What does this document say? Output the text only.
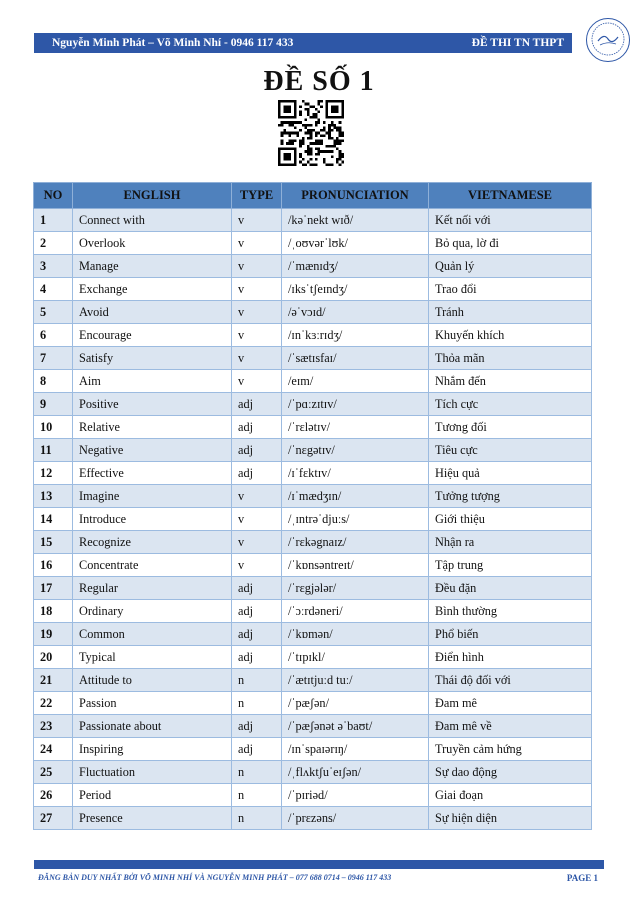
Nguyễn Minh Phát – Võ Minh Nhí - 0946 117 433	ĐỀ THI TN THPT
ĐỀ SỐ 1
NO	ENGLISH	TYPE	PRONUNCIATION	VIETNAMESE
1	Connect with	v	/kəˈnekt wɪð/	Kết nối với
2	Overlook	v	/ˌoʊvərˈlʊk/	Bỏ qua, lờ đi
3	Manage	v	/ˈmænɪdʒ/	Quản lý
4	Exchange	v	/ɪksˈtʃeɪndʒ/	Trao đổi
5	Avoid	v	/əˈvɔɪd/	Tránh
6	Encourage	v	/ɪnˈkɜːrɪdʒ/	Khuyến khích
7	Satisfy	v	/ˈsætɪsfaɪ/	Thỏa mãn
8	Aim	v	/eɪm/	Nhắm đến
9	Positive	adj	/ˈpɑːzɪtɪv/	Tích cực
10	Relative	adj	/ˈrɛlətɪv/	Tương đối
11	Negative	adj	/ˈnɛgətɪv/	Tiêu cực
12	Effective	adj	/ɪˈfɛktɪv/	Hiệu quả
13	Imagine	v	/ɪˈmædʒɪn/	Tưởng tượng
14	Introduce	v	/ˌɪntrəˈdjuːs/	Giới thiệu
15	Recognize	v	/ˈrɛkəgnaɪz/	Nhận ra
16	Concentrate	v	/ˈkɒnsəntreɪt/	Tập trung
17	Regular	adj	/ˈrɛgjələr/	Đều đặn
18	Ordinary	adj	/ˈɔːrdəneri/	Bình thường
19	Common	adj	/ˈkɒmən/	Phổ biến
20	Typical	adj	/ˈtɪpɪkl/	Điển hình
21	Attitude to	n	/ˈætɪtjuːd tuː/	Thái độ đối với
22	Passion	n	/ˈpæʃən/	Đam mê
23	Passionate about	adj	/ˈpæʃənət əˈbaʊt/	Đam mê về
24	Inspiring	adj	/ɪnˈspaɪərɪŋ/	Truyền cảm hứng
25	Fluctuation	n	/ˌflʌktʃuˈeɪʃən/	Sự dao động
26	Period	n	/ˈpɪriəd/	Giai đoạn
27	Presence	n	/ˈprɛzəns/	Sự hiện diện
ĐĂNG BẢN DUY NHẤT BỞI VÕ MINH NHÍ VÀ NGUYỄN MINH PHÁT – 077 688 0714 – 0946 117 433	PAGE 1
